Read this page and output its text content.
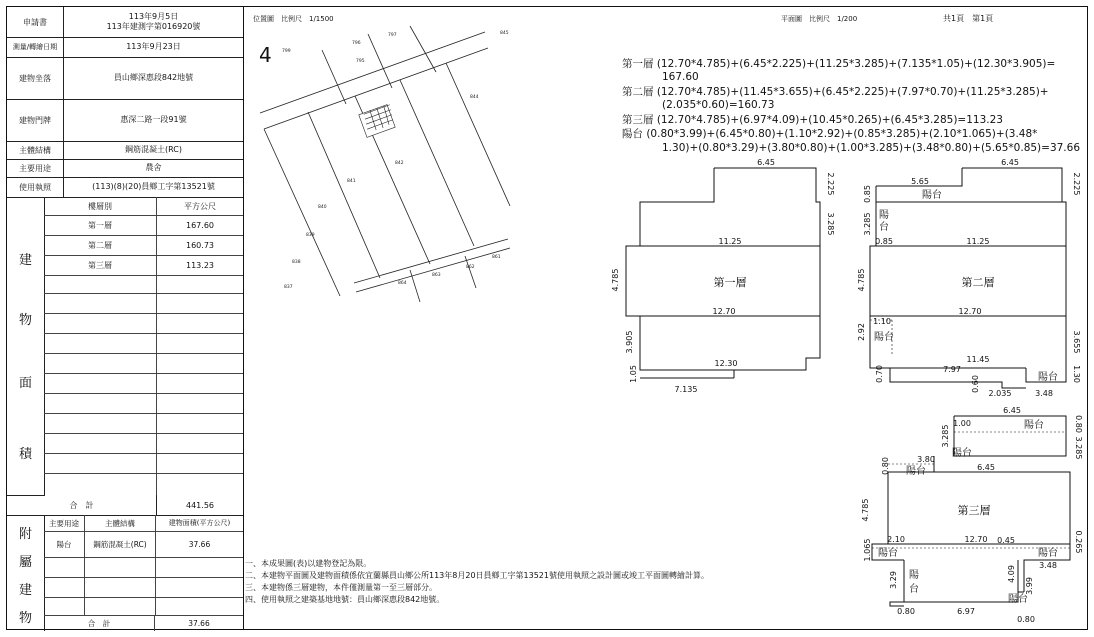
申請書
113年9月5日
113年建測字第016920號
測量/轉繪日期	113年9月23日
建物坐落	員山鄉深惠段842地號
建物門牌	惠深二路一段91號
主體結構	鋼筋混凝土(RC)
主要用途	農舍
使用執照	(113)(8)(20)員鄉工字第13521號
建
物
面
積
樓層別	平方公尺
第一層	167.60
第二層	160.73
第三層	113.23
合　計	441.56
附
屬
建
物
主要用途	主體結構	建物面積(平方公尺)
陽台	鋼筋混凝土(RC)	37.66
合　計	37.66
位置圖　比例尺　1/1500	平面圖　比例尺　1/200	共1頁　第1頁
4 799
797
796
795
844
842
841
840
839
838
837
864
863
862
861
845
第一層 (12.70*4.785)+(6.45*2.225)+(11.25*3.285)+(7.135*1.05)+(12.30*3.905)=
167.60
第二層 (12.70*4.785)+(11.45*3.655)+(6.45*2.225)+(7.97*0.70)+(11.25*3.285)+
(2.035*0.60)=160.73
第三層 (12.70*4.785)+(6.97*4.09)+(10.45*0.265)+(6.45*3.285)=113.23
陽台 (0.80*3.99)+(6.45*0.80)+(1.10*2.92)+(0.85*3.285)+(2.10*1.065)+(3.48*
1.30)+(0.80*3.29)+(3.80*0.80)+(1.00*3.285)+(3.48*0.80)+(5.65*0.85)=37.66
6.45
2.225
3.285
11.25
4.785
12.70
3.905
12.30
1.05
7.135
第一層
6.45
5.65	2.225
0.85
3.285
0.85	11.25
4.785
12.70
1.10
2.92	3.655
11.45
7.97
0.70	1.30
0.60
2.035	3.48
陽台
陽
台
陽台
陽台
第二層
6.45
0.80
1.00
3.285
3.285
3.80
0.80	6.45
4.785
2.10	12.70 0.45	0.265
1.065
3.48
3.29	4.09
3.99
0.80	6.97
0.80
陽台
陽台
陽台
陽台	陽台
陽
台
陽台
第三層
一、本成果圖(表)以建物登記為限。
二、本建物平面圖及建物面積係依宜蘭縣員山鄉公所113年8月20日員鄉工字第13521號使用執照之設計圖或竣工平面圖轉繪計算。
三、本建物係三層建物，本件僅測量第一至三層部分。
四、使用執照之建築基地地號：員山鄉深惠段842地號。
